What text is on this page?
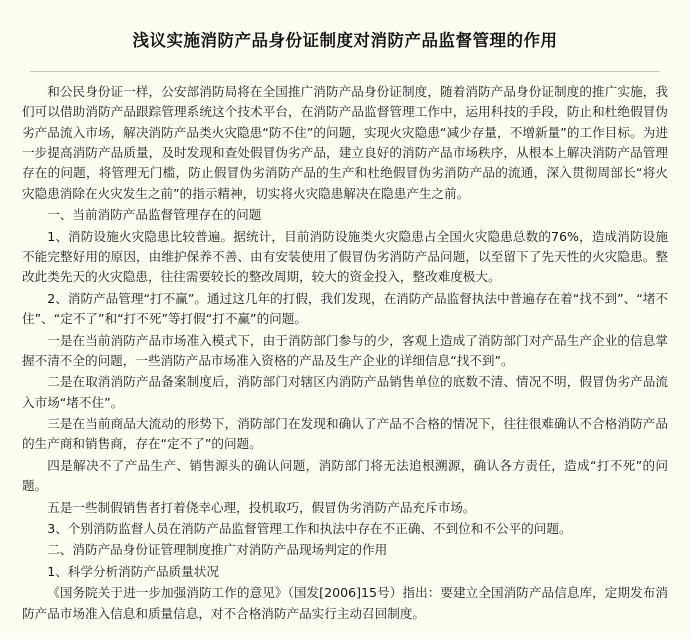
浅议实施消防产品身份证制度对消防产品监督管理的作用

和公民身份证一样，公安部消防局将在全国推广消防产品身份证制度，随着消防产品身份证制度的推广实施，我们可以借助消防产品跟踪管理系统这个技术平台，在消防产品监督管理工作中，运用科技的手段，防止和杜绝假冒伪劣产品流入市场，解决消防产品类火灾隐患“防不住”的问题，实现火灾隐患“减少存量，不增新量”的工作目标。为进一步提高消防产品质量，及时发现和查处假冒伪劣产品，建立良好的消防产品市场秩序，从根本上解决消防产品管理存在的问题，将管理无门槛，防止假冒伪劣消防产品的生产和杜绝假冒伪劣消防产品的流通，深入贯彻周部长“将火灾隐患消除在火灾发生之前”的指示精神，切实将火灾隐患解决在隐患产生之前。

一、当前消防产品监督管理存在的问题

1、消防设施火灾隐患比较普遍。据统计，目前消防设施类火灾隐患占全国火灾隐患总数的76%，造成消防设施不能完整好用的原因，由维护保养不善、由有安装使用了假冒伪劣消防产品问题，以至留下了先天性的火灾隐患。整改此类先天的火灾隐患，往往需要较长的整改周期，较大的资金投入，整改难度极大。

2、消防产品管理“打不赢”。通过这几年的打假，我们发现，在消防产品监督执法中普遍存在着“找不到”、“堵不住”、“定不了”和“打不死”等打假“打不赢”的问题。

一是在当前消防产品市场准入模式下，由于消防部门参与的少，客观上造成了消防部门对产品生产企业的信息掌握不清不全的问题，一些消防产品市场准入资格的产品及生产企业的详细信息“找不到”。

二是在取消消防产品备案制度后，消防部门对辖区内消防产品销售单位的底数不清、情况不明，假冒伪劣产品流入市场“堵不住”。

三是在当前商品大流动的形势下，消防部门在发现和确认了产品不合格的情况下，往往很难确认不合格消防产品的生产商和销售商，存在“定不了”的问题。

四是解决不了产品生产、销售源头的确认问题，消防部门将无法追根溯源，确认各方责任，造成“打不死”的问题。

五是一些制假销售者打着侥幸心理，投机取巧，假冒伪劣消防产品充斥市场。

3、个别消防监督人员在消防产品监督管理工作和执法中存在不正确、不到位和不公平的问题。

二、消防产品身份证管理制度推广对消防产品现场判定的作用

1、科学分析消防产品质量状况

《国务院关于进一步加强消防工作的意见》（国发[2006]15号）指出：要建立全国消防产品信息库，定期发布消防产品市场准入信息和质量信息，对不合格消防产品实行主动召回制度。
